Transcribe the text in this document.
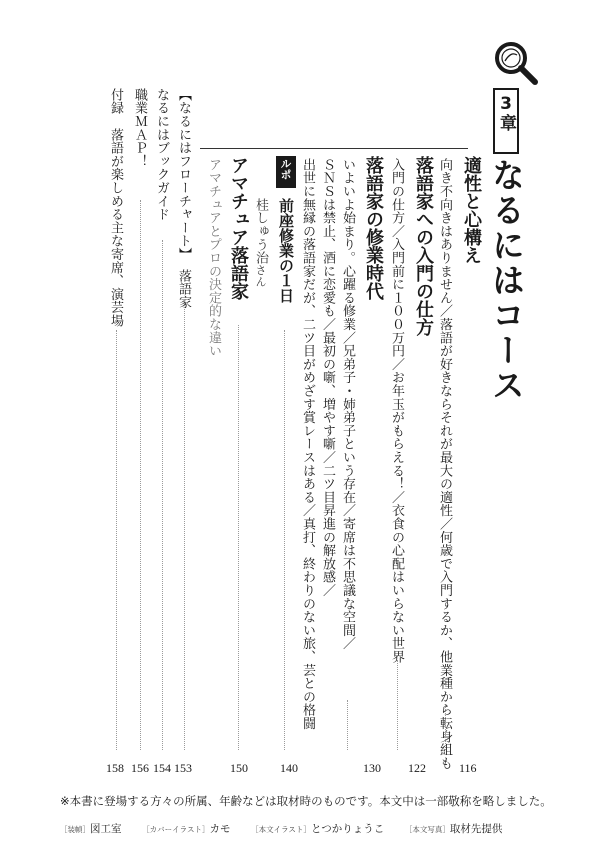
3章
なるにはコース
適性と心構え
向き不向きはありません／落語が好きならそれが最大の適性／何歳で入門するか、他業種から転身組も 116
落語家への入門の仕方
入門の仕方／入門前に１００万円／お年玉がもらえる！／衣食の心配はいらない世界
122
落語家の修業時代
いよいよ始まり。心躍る修業／兄弟子・姉弟子という存在／寄席は不思議な空間／
ＳＮＳは禁止、酒に恋愛も／最初の噺、増やす噺／二ツ目昇進の解放感／
出世に無縁の落語家だが、二ツ目がめざす賞レースはある／真打、終わりのない旅、芸との格闘
130
ルポ
前座修業の１日
桂しゅう治さん
140
アマチュア落語家
アマチュアとプロの決定的な違い
150
【なるにはフローチャート】落語家
153
なるにはブックガイド
154
職業ＭＡＰ！
156
付録　落語が楽しめる主な寄席、演芸場
158
※本書に登場する方々の所属、年齢などは取材時のものです。本文中は一部敬称を略しました。
［装幀］図工室	［カバーイラスト］カモ	［本文イラスト］とつかりょうこ	［本文写真］取材先提供
